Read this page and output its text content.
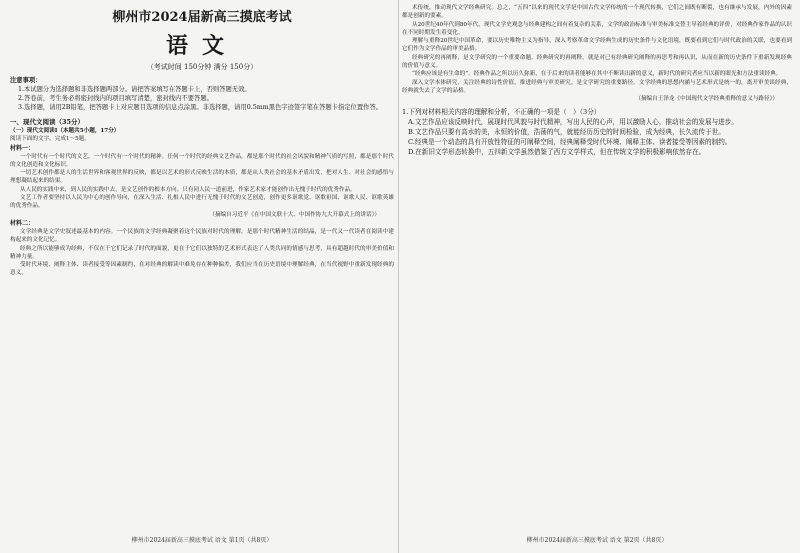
柳州市2024届新高三摸底考试
语文
（考试时间 150分钟 满分 150分）
注意事项：
1.本试题分为选择题和非选择题两部分。请把答案填写在答题卡上，否则答题无效。
2.答卷前，考生务必将密封线内的项目填写清楚，密封线内不要答题。
3.选择题，请用2B铅笔，把答题卡上对应题目选项的信息点涂黑。非选择题，请用0.5mm黑色字迹签字笔在答题卡指定位置作答。
一、现代文阅读（35分）
（一）现代文阅读Ⅰ（本题共5小题，17分）
阅读下面的文字，完成1～5题。
材料一：
一个时代有一个时代的文艺，一个时代有一个时代的精神。任何一个时代的经典文艺作品，都是那个时代的社会风貌和精神气质的写照，都是那个时代的文化创造和文化标识。
一切艺术创作都是人的生活世界和客观世界的反映，都是以艺术的形式反映生活的本质，都是从人类社会的基本矛盾出发，把对人生、对社会的感悟与理想凝结起来的结果。
从人民的实践中来，到人民的实践中去，是文艺创作的根本方向。只有同人民一道前进，作家艺术家才能创作出无愧于时代的优秀作品。
文艺工作者要坚持以人民为中心的创作导向，在深入生活、扎根人民中进行无愧于时代的文艺创造，创作更多讴歌党、讴歌祖国、讴歌人民、讴歌英雄的优秀作品。
（摘编自习近平《在中国文联十大、中国作协九大开幕式上的讲话》）
材料二：
文学经典是文学史叙述最基本的内容。一个民族的文学经典凝聚着这个民族对时代的理解，是那个时代精神生活的结晶，是一代又一代读者在阅读中建构起来的文化记忆。
经典之所以能够成为经典，不仅在于它们记录了时代的面貌，更在于它们以独特的艺术形式表达了人类共同的情感与思考，具有超越时代的审美价值和精神力量。
受时代环境、阐释主体、读者接受等因素制约，在对经典的解读中难免存在种种偏差，我们应当在历史语境中理解经典，在当代视野中重新发现经典的意义。
柳州市2024届新高三摸底考试 语文 第1页（共8页）
术传统，推动现代文学经典研究。总之，“五四”以来的现代文学是中国古代文学传统的一个现代转换，它们之间既有断裂，也有继承与发展，内外的因素都是创新的要素。
从20世纪40年代到80年代，现代文学史观念与经典建构之间有着复杂的关系，文学的政治标准与审美标准交替主导着经典的评价，对经典作家作品的认识在不同时期发生着变化。
理解与重释20世纪中国革命，要以历史唯物主义为指导，深入考察革命文学经典生成的历史条件与文化语境，既要看到它们与时代政治的关联，也要看到它们作为文学作品的审美品格。
经典研究的再阐释，是文学研究的一个重要命题。经典研究的再阐释，就是对已有经典研究阐释的再思考和再认识，从而在新的历史条件下重新发现经典的价值与意义。
“经典应该是有生命的”。经典作品之所以历久弥新，在于后来的读者能够在其中不断读出新的意义，新时代的研究者应当以新的眼光和方法重读经典。
深入文学本体研究，关注经典的诗性价值，推进经典与审美研究。是文学研究的重要路径。文学经典的思想内涵与艺术形式是统一的，离开审美谈经典，经典就失去了文学的品格。
（摘编自王泽龙《中国现代文学经典重释的意义与路径》）
1.下列对材料相关内容的理解和分析，不正确的一项是（　）（3分）
A.文艺作品应该反映时代，展现时代风貌与时代精神，写出人民的心声，用以激励人心，推动社会的发展与进步。
B.文艺作品只要有高水的美，永恒的价值，浩荡的气，就能经历历史的时间检验，成为经典，长久流传于世。
C.经典是一个动态的具有开放性特征的可阐释空间，经典阐释受时代环境、阐释主体、读者接受等因素的制约。
D.在新旧文学形态转换中，五四新文学虽然借鉴了西方文学样式，但在传统文学的积极影响依然存在。
柳州市2024届新高三摸底考试 语文 第2页（共8页）
